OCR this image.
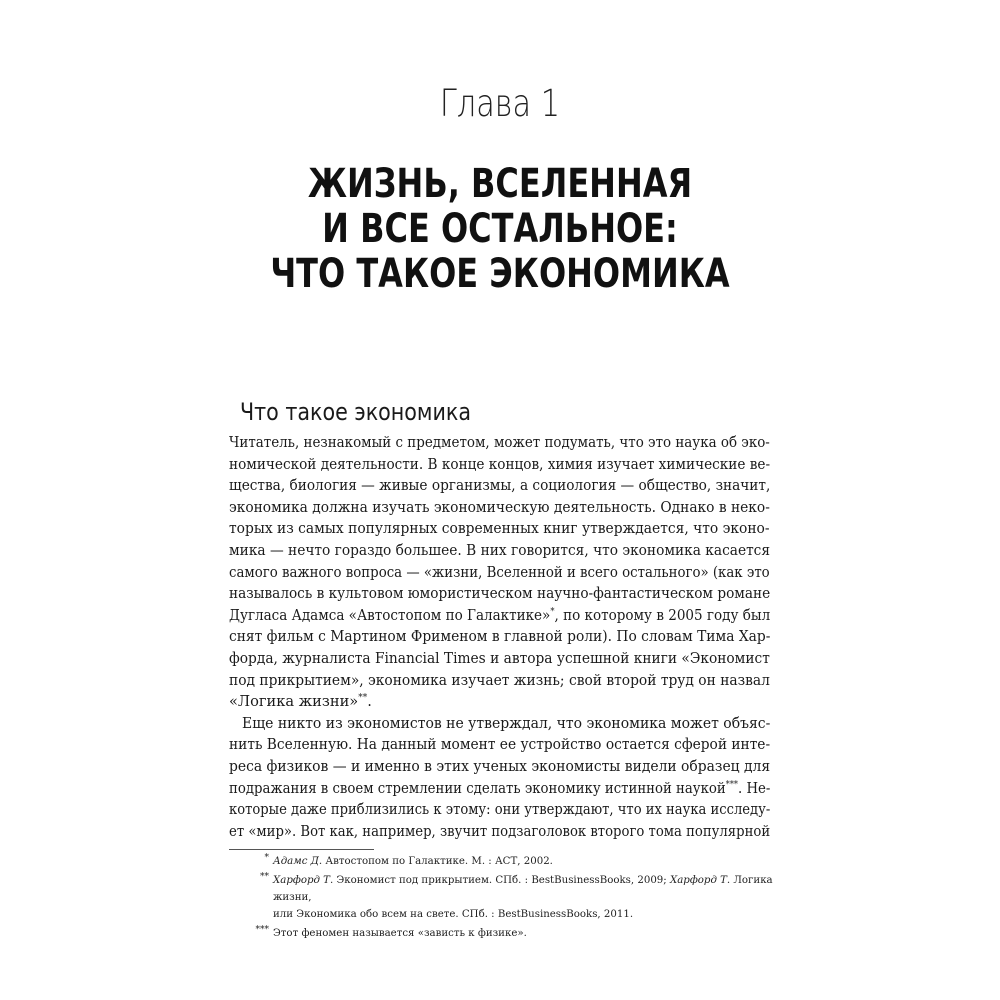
Глава 1
ЖИЗНЬ, ВСЕЛЕННАЯ
И ВСЕ ОСТАЛЬНОЕ:
ЧТО ТАКОЕ ЭКОНОМИКА
Что такое экономика
Читатель, незнакомый с предметом, может подумать, что это наука об эко-
номической деятельности. В конце концов, химия изучает химические ве-
щества, биология — живые организмы, а социология — общество, значит,
экономика должна изучать экономическую деятельность. Однако в неко-
торых из самых популярных современных книг утверждается, что эконо-
мика — нечто гораздо большее. В них говорится, что экономика касается
самого важного вопроса — «жизни, Вселенной и всего остального» (как это
называлось в культовом юмористическом научно-фантастическом романе
Дугласа Адамса «Автостопом по Галактике»*, по которому в 2005 году был
снят фильм с Мартином Фрименом в главной роли). По словам Тима Хар-
форда, журналиста Financial Times и автора успешной книги «Экономист
под прикрытием», экономика изучает жизнь; свой второй труд он назвал
«Логика жизни»**.
Еще никто из экономистов не утверждал, что экономика может объяс-
нить Вселенную. На данный момент ее устройство остается сферой инте-
реса физиков — и именно в этих ученых экономисты видели образец для
подражания в своем стремлении сделать экономику истинной наукой***. Не-
которые даже приблизились к этому: они утверждают, что их наука исследу-
ет «мир». Вот как, например, звучит подзаголовок второго тома популярной
* Адамс Д. Автостопом по Галактике. М. : АСТ, 2002.
** Харфорд Т. Экономист под прикрытием. СПб. : BestBusinessBooks, 2009; Харфорд Т. Логика жизни,
или Экономика обо всем на свете. СПб. : BestBusinessBooks, 2011.
*** Этот феномен называется «зависть к физике».
